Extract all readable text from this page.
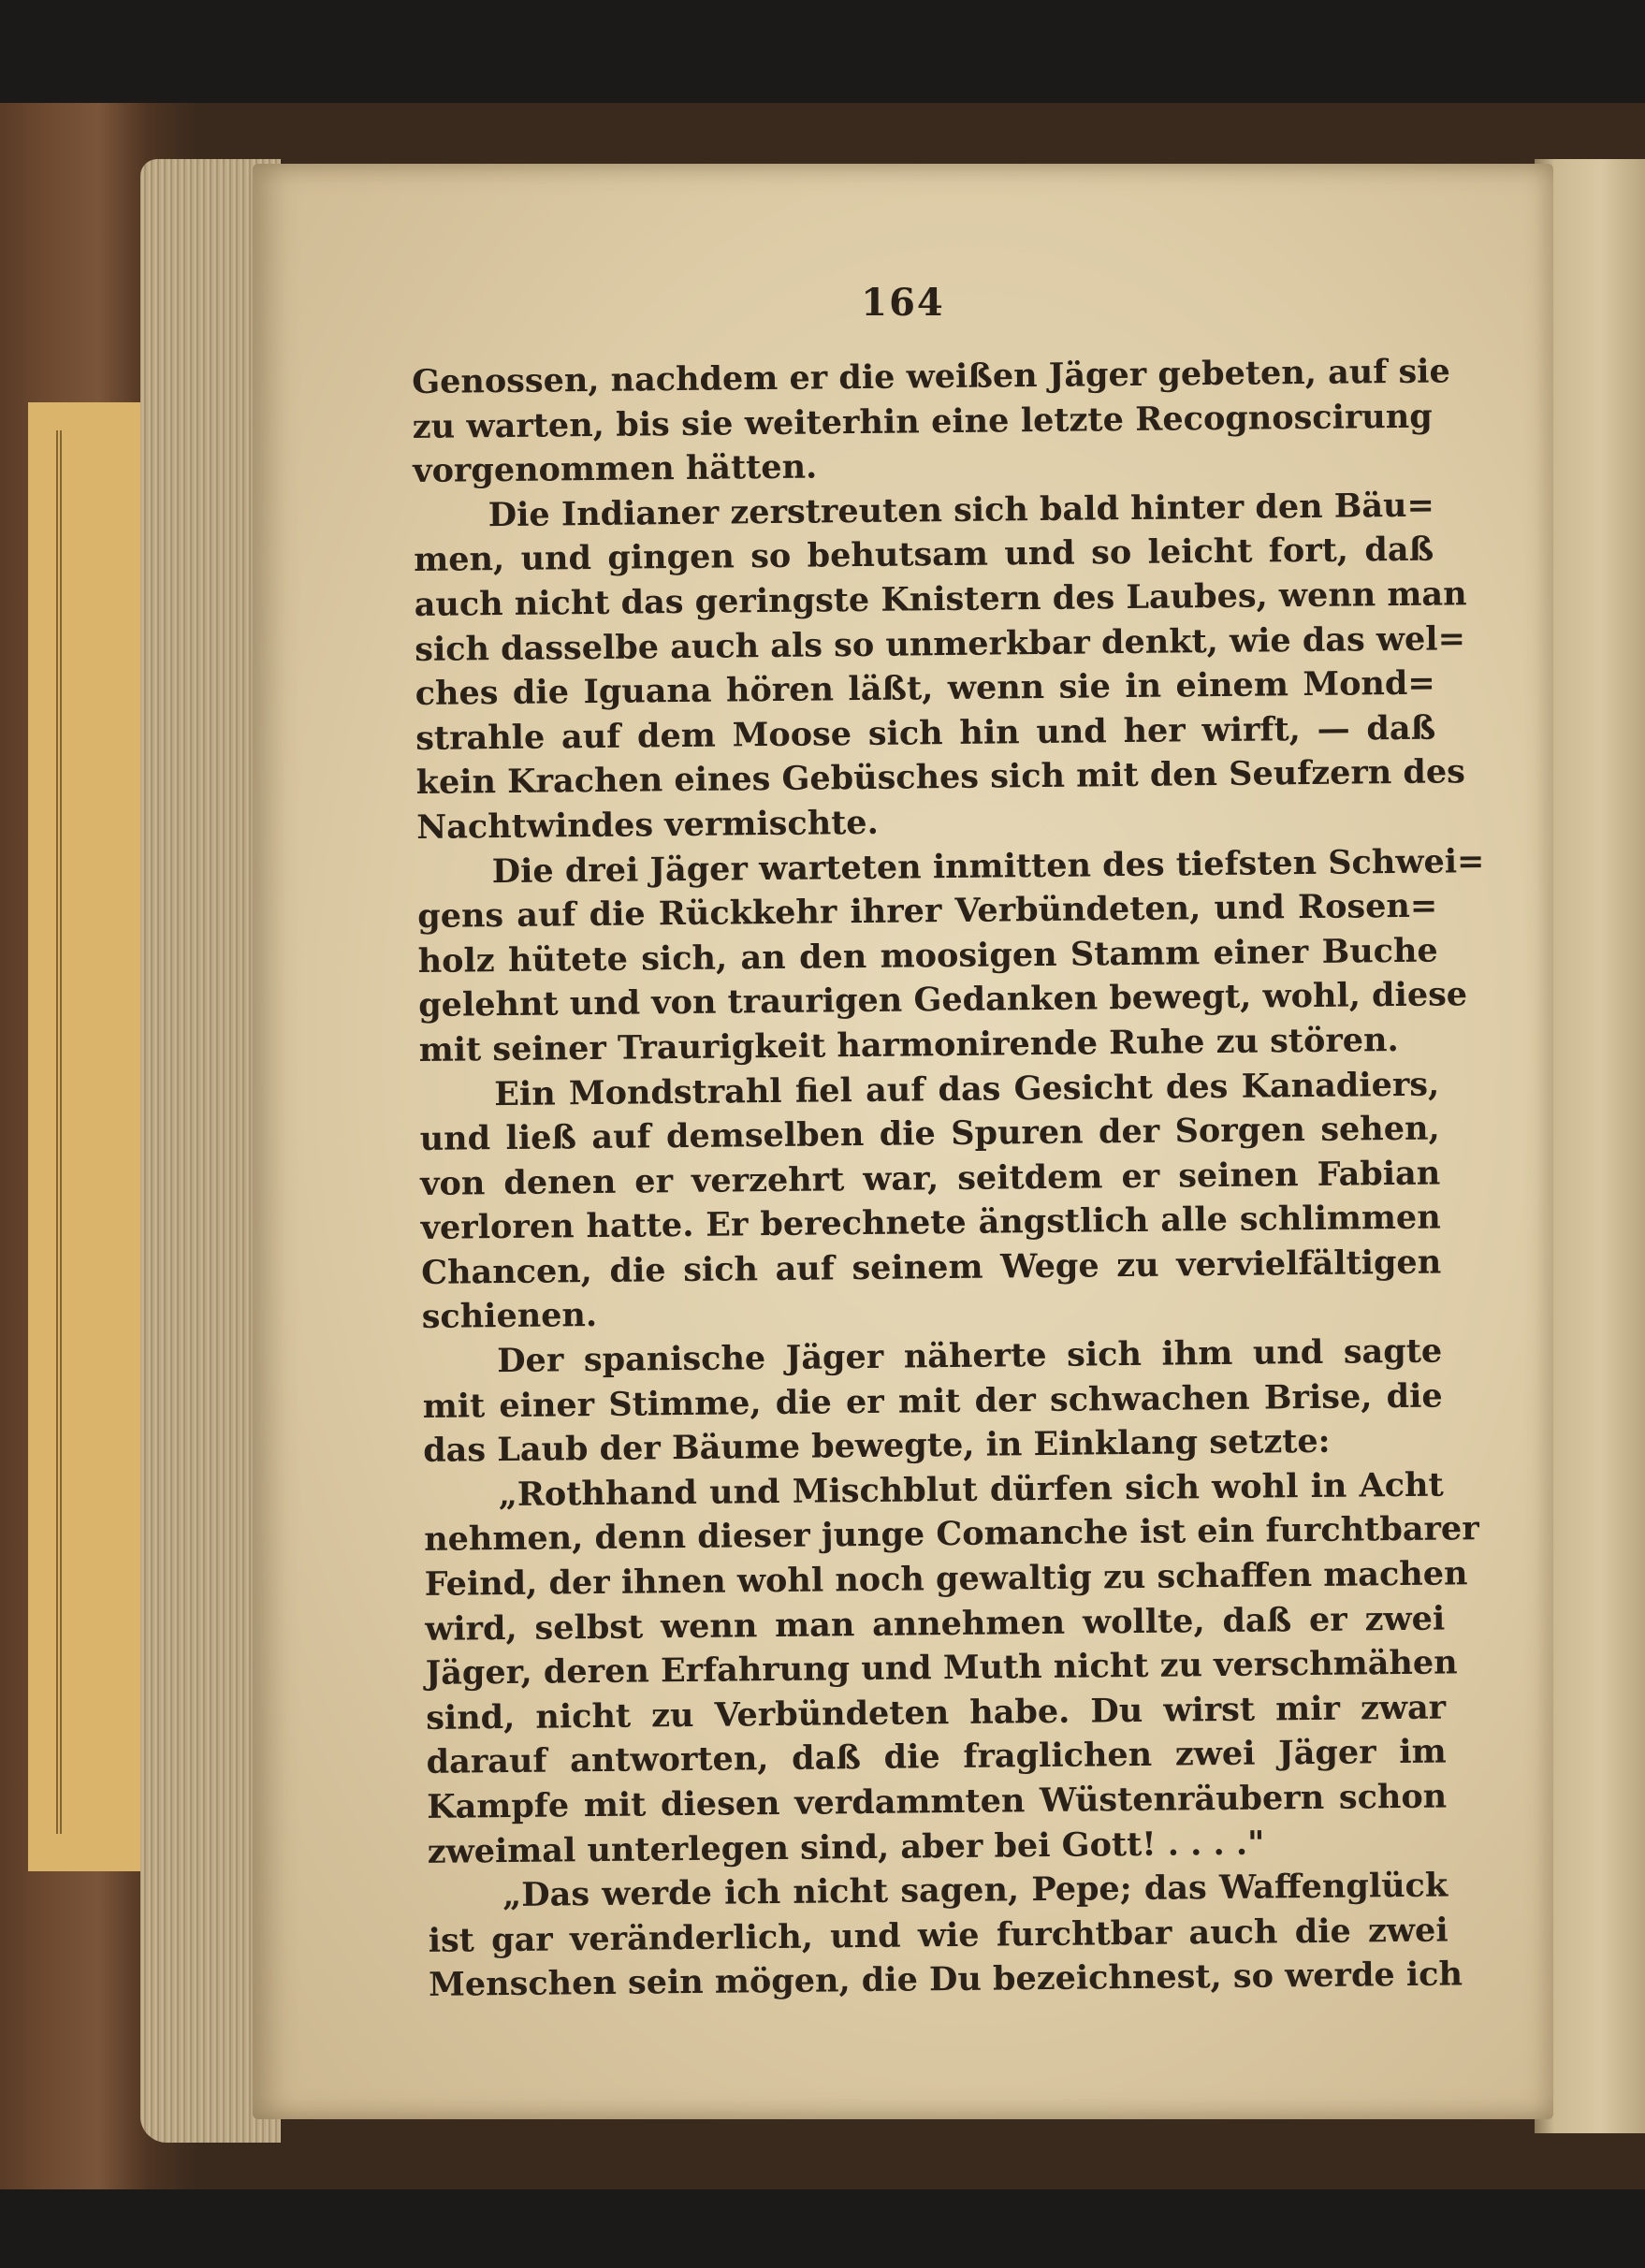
164

Genossen, nachdem er die weißen Jäger gebeten, auf sie
zu warten, bis sie weiterhin eine letzte Recognoscirung
vorgenommen hätten.
Die Indianer zerstreuten sich bald hinter den Bäu=
men, und gingen so behutsam und so leicht fort, daß
auch nicht das geringste Knistern des Laubes, wenn man
sich dasselbe auch als so unmerkbar denkt, wie das wel=
ches die Iguana hören läßt, wenn sie in einem Mond=
strahle auf dem Moose sich hin und her wirft, — daß
kein Krachen eines Gebüsches sich mit den Seufzern des
Nachtwindes vermischte.
Die drei Jäger warteten inmitten des tiefsten Schwei=
gens auf die Rückkehr ihrer Verbündeten, und Rosen=
holz hütete sich, an den moosigen Stamm einer Buche
gelehnt und von traurigen Gedanken bewegt, wohl, diese
mit seiner Traurigkeit harmonirende Ruhe zu stören.
Ein Mondstrahl fiel auf das Gesicht des Kanadiers,
und ließ auf demselben die Spuren der Sorgen sehen,
von denen er verzehrt war, seitdem er seinen Fabian
verloren hatte. Er berechnete ängstlich alle schlimmen
Chancen, die sich auf seinem Wege zu vervielfältigen
schienen.
Der spanische Jäger näherte sich ihm und sagte
mit einer Stimme, die er mit der schwachen Brise, die
das Laub der Bäume bewegte, in Einklang setzte:
„Rothhand und Mischblut dürfen sich wohl in Acht
nehmen, denn dieser junge Comanche ist ein furchtbarer
Feind, der ihnen wohl noch gewaltig zu schaffen machen
wird, selbst wenn man annehmen wollte, daß er zwei
Jäger, deren Erfahrung und Muth nicht zu verschmähen
sind, nicht zu Verbündeten habe. Du wirst mir zwar
darauf antworten, daß die fraglichen zwei Jäger im
Kampfe mit diesen verdammten Wüstenräubern schon
zweimal unterlegen sind, aber bei Gott! . . . ."
„Das werde ich nicht sagen, Pepe; das Waffenglück
ist gar veränderlich, und wie furchtbar auch die zwei
Menschen sein mögen, die Du bezeichnest, so werde ich
